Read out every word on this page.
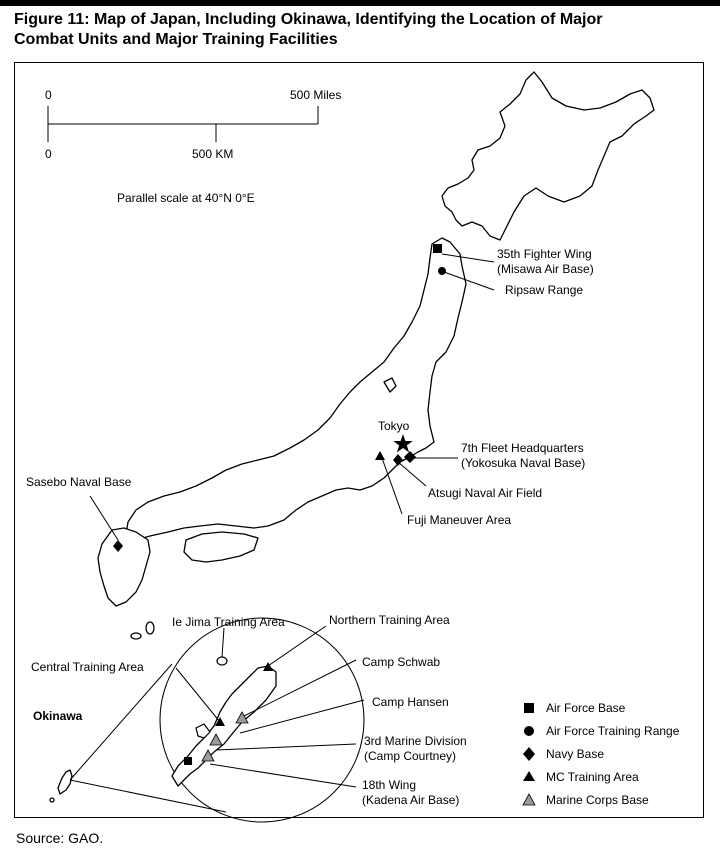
Figure 11: Map of Japan, Including Okinawa, Identifying the Location of Major
Combat Units and Major Training Facilities
0	500 Miles
0	500 KM
Parallel scale at 40°N 0°E
35th Fighter Wing
(Misawa Air Base)
Ripsaw Range
Tokyo
7th Fleet Headquarters
(Yokosuka Naval Base)
Atsugi Naval Air Field
Fuji Maneuver Area
Sasebo Naval Base
Ie Jima Training Area	Northern Training Area
Central Training Area	Camp Schwab
Camp Hansen
Okinawa
3rd Marine Division
(Camp Courtney)
18th Wing
(Kadena Air Base)
Air Force Base
Air Force Training Range
Navy Base
MC Training Area
Marine Corps Base
Source: GAO.
